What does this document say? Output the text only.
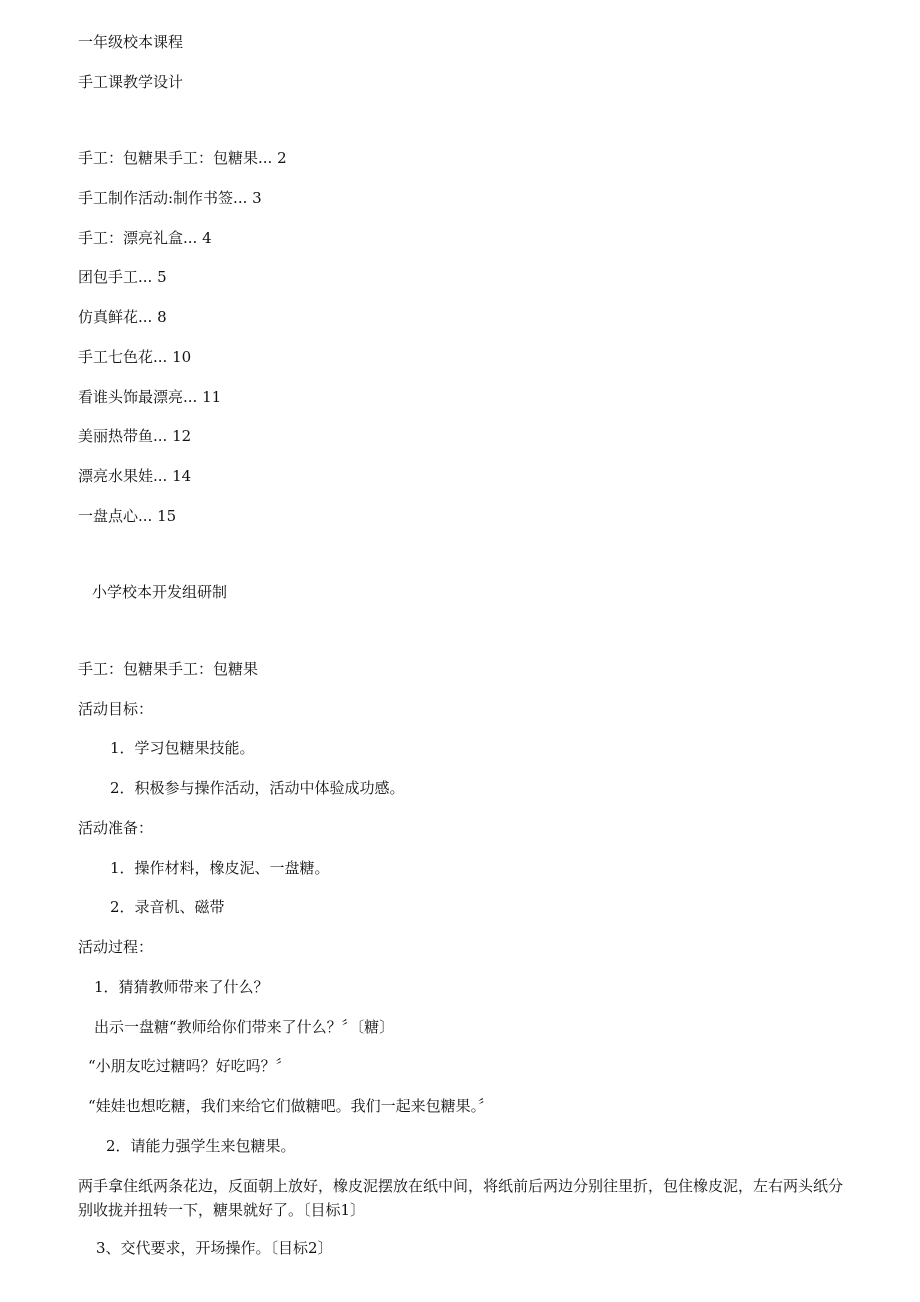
一年级校本课程

手工课教学设计

手工：包糖果手工：包糖果... 2

手工制作活动:制作书签... 3

手工：漂亮礼盒... 4

团包手工... 5

仿真鲜花... 8

手工七色花... 10

看谁头饰最漂亮... 11

美丽热带鱼... 12

漂亮水果娃... 14

一盘点心... 15

小学校本开发组研制

手工：包糖果手工：包糖果

活动目标：

1．学习包糖果技能。

2．积极参与操作活动，活动中体验成功感。

活动准备：

1．操作材料，橡皮泥、一盘糖。

2．录音机、磁带

活动过程：

1．猜猜教师带来了什么？

出示一盘糖“教师给你们带来了什么？〞〔糖〕

“小朋友吃过糖吗？好吃吗？〞

“娃娃也想吃糖，我们来给它们做糖吧。我们一起来包糖果。〞

2．请能力强学生来包糖果。

两手拿住纸两条花边，反面朝上放好，橡皮泥摆放在纸中间，将纸前后两边分别往里折，包住橡皮泥，左右两头纸分别收拢并扭转一下，糖果就好了。〔目标1〕

3、交代要求，开场操作。〔目标2〕
